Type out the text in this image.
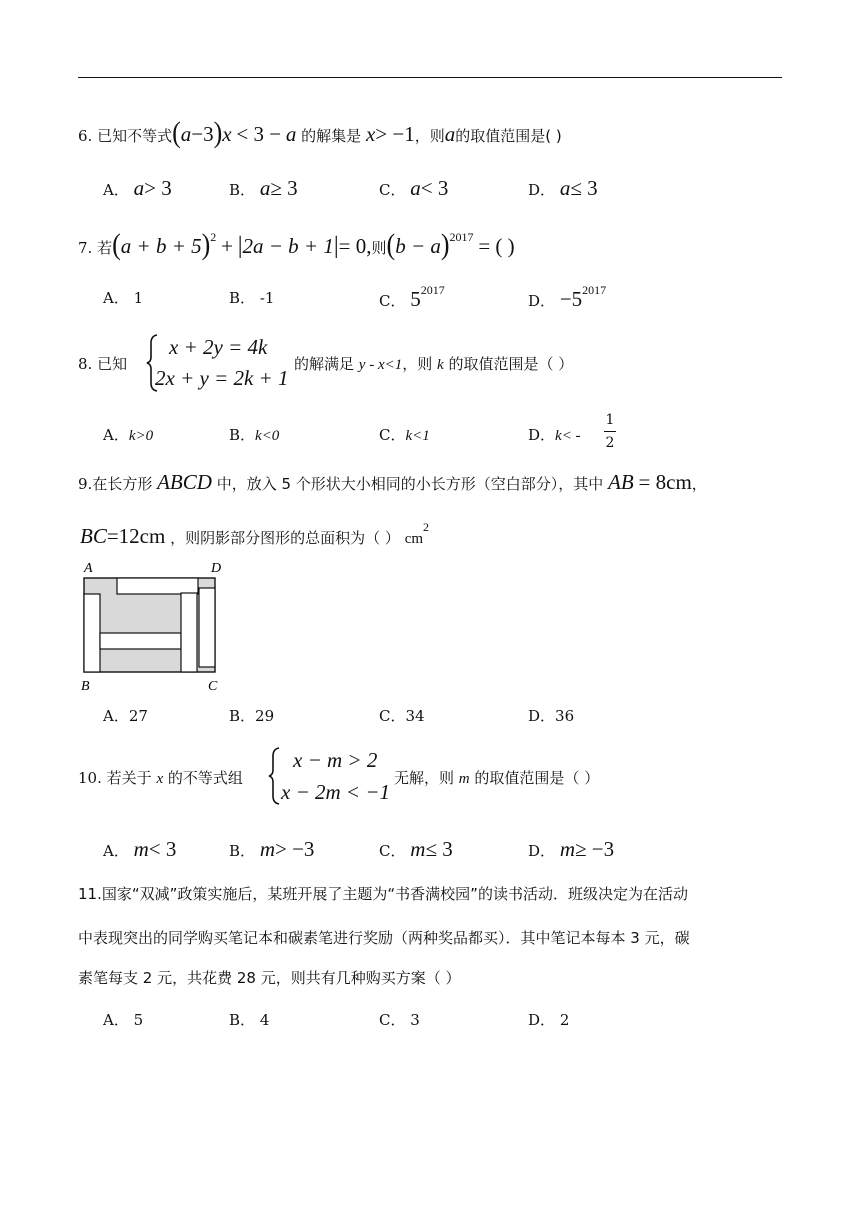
6. 已知不等式(a−3)x < 3 − a 的解集是 x> −1，则a的取值范围是( )
A． a> 3	B． a≥ 3	C． a< 3	D． a≤ 3
7. 若$(a + b + 5)^2 + |2a - b + 1|= 0$,则$(b - a)^{2017}$ = ( )
A． 1	B． -1	C． $5^{2017}$
D． $-5^{2017}$
8. 已知
x + 2y = 4k
2x + y = 2k + 1
的解满足 y - x<1，则 k 的取值范围是（ ）
A．k>0	B．k<0	C．k<1	D．k< -
1
2
9.在长方形 ABCD 中，放入 5 个形状大小相同的小长方形（空白部分），其中 AB = 8cm，
BC=12cm ，则阴影部分图形的总面积为（ ） $cm^2$
A	D
B	C
A．27	B．29	C．34	D．36
10. 若关于 x 的不等式组
x − m > 2
x − 2m < −1
无解，则 m 的取值范围是（ ）
A． m< 3	B． m> −3	C． m≤ 3	D． m≥ −3
11.国家“双减”政策实施后，某班开展了主题为“书香满校园”的读书活动．班级决定为在活动
中表现突出的同学购买笔记本和碳素笔进行奖励（两种奖品都买）．其中笔记本每本 3 元，碳
素笔每支 2 元，共花费 28 元，则共有几种购买方案（ ）
A． 5	B． 4	C． 3	D． 2
